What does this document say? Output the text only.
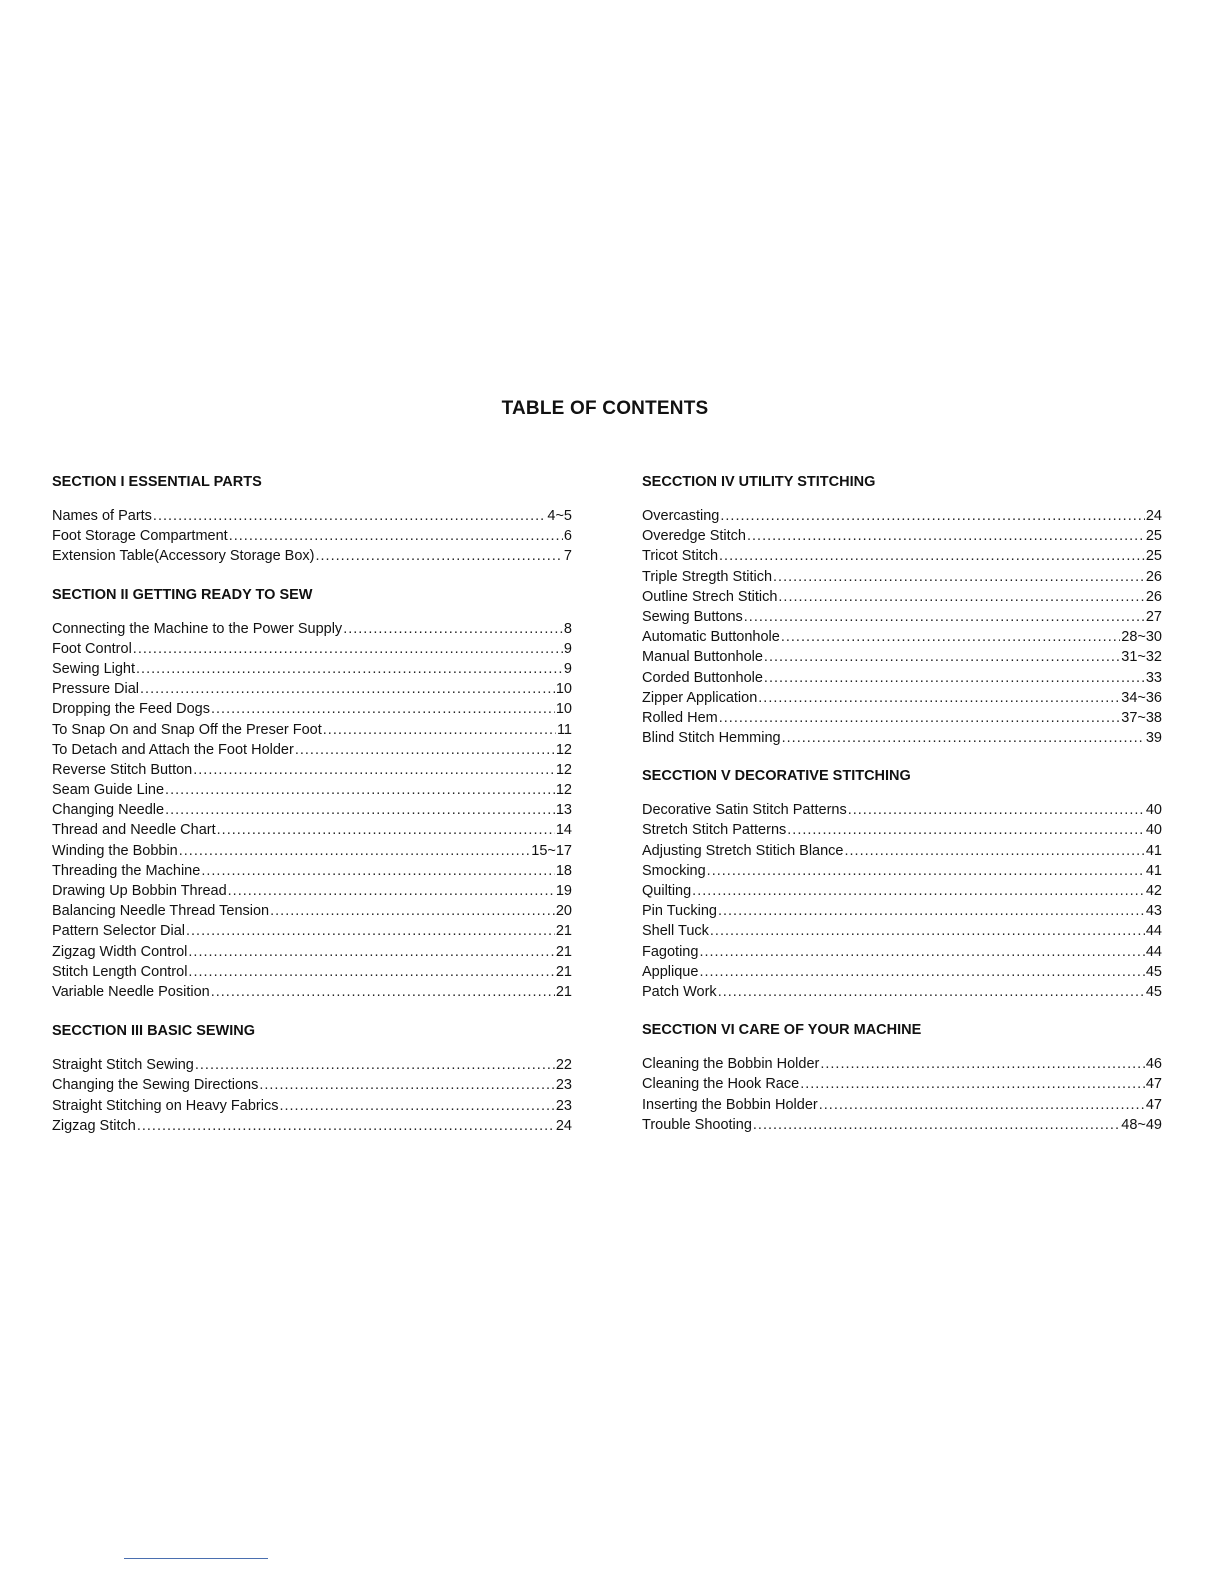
TABLE OF CONTENTS
SECTION I ESSENTIAL PARTS
Names of Parts .....	4~5
Foot Storage Compartment .....	6
Extension Table(Accessory Storage Box) .....	7
SECTION II GETTING READY TO SEW
Connecting the Machine to the Power Supply .....	8
Foot Control .....	9
Sewing Light .....	9
Pressure Dial .....	10
Dropping the Feed Dogs .....	10
To Snap On and Snap Off the Preser Foot .....	11
To Detach and Attach the Foot Holder .....	12
Reverse Stitch Button .....	12
Seam Guide Line .....	12
Changing Needle .....	13
Thread and Needle Chart .....	14
Winding the Bobbin .....	15~17
Threading the Machine .....	18
Drawing Up Bobbin Thread .....	19
Balancing Needle Thread Tension .....	20
Pattern Selector Dial .....	21
Zigzag Width Control .....	21
Stitch Length Control .....	21
Variable Needle Position .....	21
SECCTION III BASIC SEWING
Straight Stitch Sewing .....	22
Changing the Sewing Directions .....	23
Straight Stitching on Heavy Fabrics .....	23
Zigzag Stitch .....	24
SECCTION IV UTILITY STITCHING
Overcasting .....	24
Overedge Stitch .....	25
Tricot Stitch .....	25
Triple Stregth Stitich .....	26
Outline Strech Stitich .....	26
Sewing Buttons .....	27
Automatic Buttonhole .....	28~30
Manual Buttonhole .....	31~32
Corded Buttonhole .....	33
Zipper Application .....	34~36
Rolled Hem .....	37~38
Blind Stitch Hemming .....	39
SECCTION V DECORATIVE STITCHING
Decorative Satin Stitch Patterns .....	40
Stretch Stitch Patterns .....	40
Adjusting Stretch Stitich Blance .....	41
Smocking .....	41
Quilting .....	42
Pin Tucking .....	43
Shell Tuck .....	44
Fagoting .....	44
Applique .....	45
Patch Work .....	45
SECCTION VI CARE OF YOUR MACHINE
Cleaning the Bobbin Holder .....	46
Cleaning the Hook Race .....	47
Inserting the Bobbin Holder .....	47
Trouble Shooting .....	48~49
